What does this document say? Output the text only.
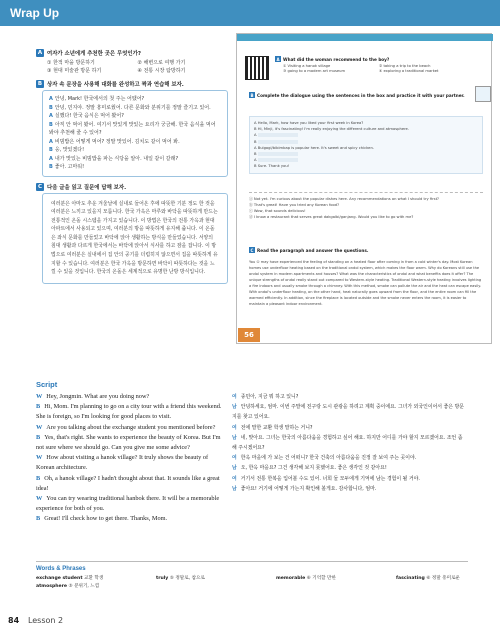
Wrap Up
A 여자가 소년에게 추천한 곳은 무엇인가?
① 한적 마을 방문하기	② 해변으로 여행 가기
③ 현대 미술관 방문 하기	④ 전통 시장 탐방하기
B 상자 속 문장을 사용해 대화를 완성하고 짝과 연습해 보자.
A 안녕, Mark! 한국에서의 첫 주는 어땠어?
B 안녕, 민지야. 정말 흥미로웠어. 다른 문화와 분위기를 정말 즐기고 있어.
A 실했다! 한국 음식은 먹어 봤어?
B 아직 안 먹어 봤어. 여기서 맛있게 맛있는 요리가 궁금해. 한국 음식을 먹어 봐야 추천해 줄 수 있어?
A 비빔밥은 어떻게 먹어? 정말 맛있어. 김치도 같이 먹어 봐.
B 응, 맛있겠다!
A 내가 맛있는 비빔밥을 파는 식당을 알아. 내일 같이 갈래?
B 좋아. 고마워!
C 다음 글을 읽고 질문에 답해 보자.
여러분은 아마도 추운 겨울날에 실내로 들어온 후에 따뜻한 기분 정도 한 것을 여러분은 느끼고 있을지 모릅니다. 한국 가옥은 마루와 바닥을 따뜻하게 만드는 전통적인 온돌 시스템을 가지고 있습니다. 이 방법은 한국의 전통 가옥과 현대 아파트에서 사용되고 있으며, 여러분의 방을 따뜻하게 유지해 줍니다. 이 온돌은 좌식 문화를 만들었고 바닥에 앉아 생활하는 방식을 만들었습니다. 서양의 침대 생활과 다르게 한국에서는 바닥에 앉아서 식사를 하고 잠을 잡니다. 이 방법으로 여러분은 실내에서 집 안의 공기를 더럽히지 않으면서 집을 따뜻하게 유지할 수 있습니다. 여러분은 한국 가옥을 방문하면 바닥이 따뜻하다는 것을 느낄 수 있을 것입니다. 한국의 온돌은 세계적으로 유명한 난방 방식입니다.
A What did the woman recommend to the boy?
① Visiting a hanok village	② taking a trip to the beach
③ going to a modern art museum	④ exploring a traditional market
B Complete the dialogue using the sentences in the box and practice it with your partner.
A Hello, Mark, how have you liked your first week in Korea?
B Hi, Minji, it's fascinating! I'm really enjoying the different culture and atmosphere.
A
B
A Bulgogi/bibimbap is popular here. It's sweet and spicy chicken.
B
A
B Sure. Thank you!
ⓐ Not yet. I'm curious about the popular dishes here. Any recommendations on what I should try first?
ⓑ That's great! Have you tried any Korean food?
ⓒ Wow, that sounds delicious!
ⓓ I know a restaurant that serves great dakgalbi/ganjang. Would you like to go with me?
C Read the paragraph and answer the questions.
You ① may have experienced the feeling of standing on a heated floor after coming in from a cold winter's day. Most Korean homes use underfloor heating based on the traditional ondol system, which makes the floor warm. Why do Koreans still use the ondol system in modern apartments and houses? What was the characteristics of ondol and what benefits does it offer? The unique strengths of ondol really stand out compared to Western-style heating. Traditional Western-style heating involves lighting a fire indoors and usually smoke through a chimney. With this method, smoke can pollute the air and the heat can escape easily. With ondol's underfloor heating, on the other hand, heat naturally goes upward from the floor, and the entire room can fill the warmed efficiently. In addition, since the fireplace is located outside and the smoke never enters the room, it is easier to maintain a pleasant indoor environment.
56
Script
W Hey, Jongmin. What are you doing now?
B Hi, Mom. I'm planning to go on a city tour with a friend this weekend. She is foreign, so I'm looking for good places to visit.
W Are you talking about the exchange student you mentioned before?
B Yes, that's right. She wants to experience the beauty of Korea. But I'm not sure where we should go. Can you give me some advice?
W How about visiting a hanok village? It truly shows the beauty of Korean architecture.
B Oh, a hanok village? I hadn't thought about that. It sounds like a great idea!
W You can try wearing traditional hanbok there. It will be a memorable experience for both of you.
B Great! I'll check how to get there. Thanks, Mom.
여 종민아, 지금 뭐 하고 있니?
남 안녕하세요, 엄마. 이번 주말에 친구랑 도시 관광을 하려고 계획 중이에요. 그녀가 외국인이어서 좋은 방문지를 찾고 있어요.
여 전에 말한 교환 학생 말하는 거니?
남 네, 맞아요. 그녀는 한국의 아름다움을 경험하고 싶어 해요. 하지만 어디를 가야 할지 모르겠어요. 조언 좀 해 주시겠어요?
여 한옥 마을에 가 보는 건 어떠니? 한국 건축의 아름다움을 진정 잘 보여 주는 곳이야.
남 오, 한옥 마을요? 그건 생각해 보지 못했어요. 좋은 생각인 것 같아요!
여 거기서 전통 한복을 입어볼 수도 있어. 너희 둘 모두에게 기억에 남는 경험이 될 거야.
남 좋아요! 거기에 어떻게 가는지 확인해 볼게요. 감사합니다, 엄마.
Words & Phrases
exchange student 교환 학생	truly ⑤ 정말로, 참으로	memorable ⑥ 기억할 만한	fascinating ⑥ 정말 흥미로운
atmosphere ⑤ 분위기, 느낌
84 Lesson 2
